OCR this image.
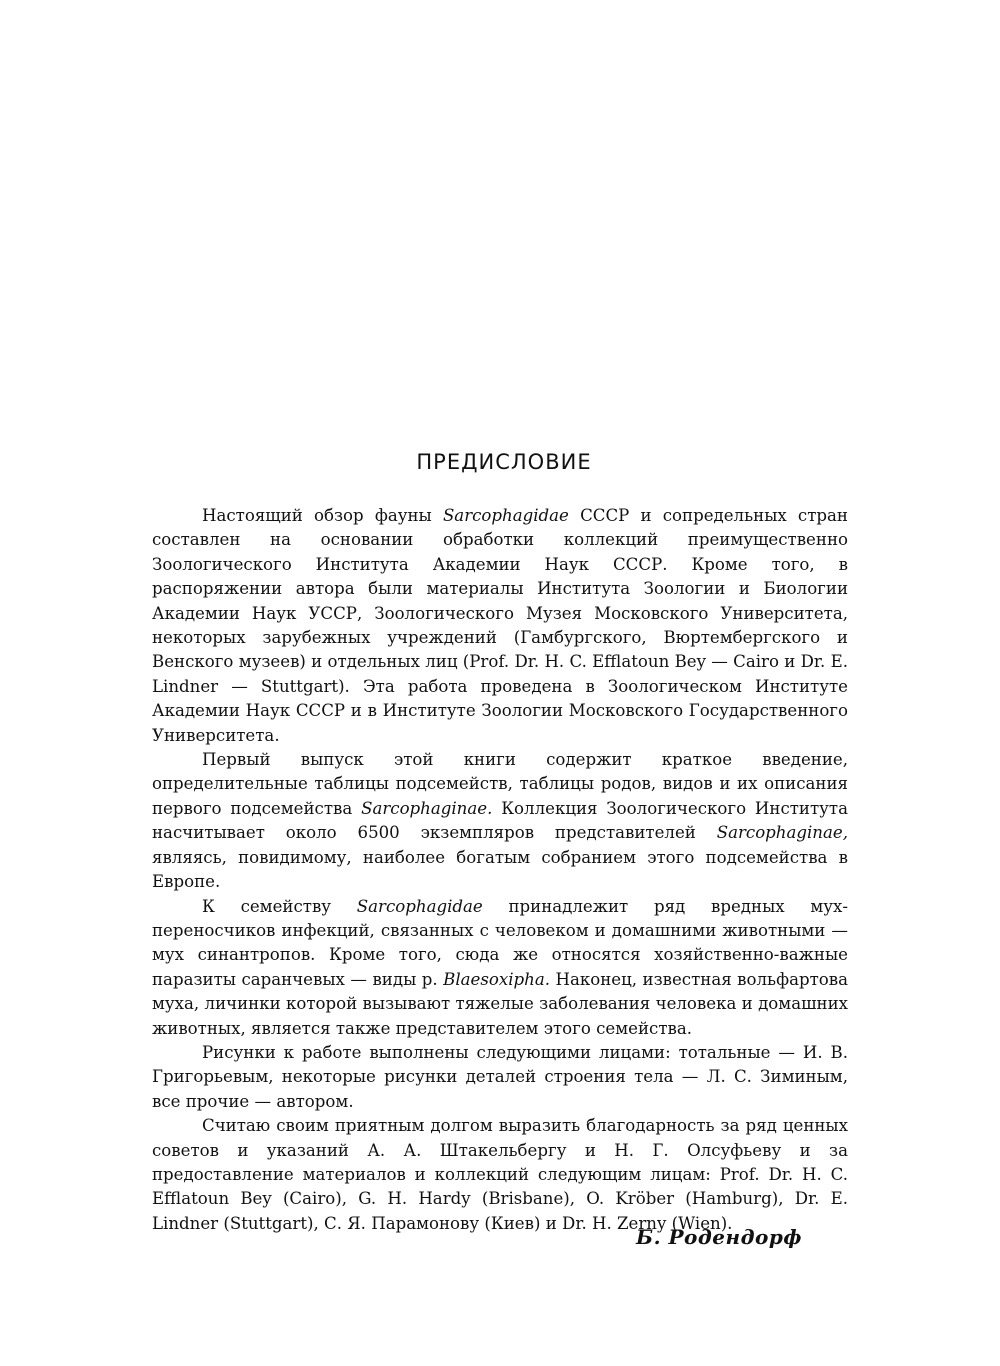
ПРЕДИСЛОВИЕ

Настоящий обзор фауны Sarcophagidae СССР и сопредельных стран составлен на основании обработки коллекций преимущественно Зоологического Института Академии Наук СССР. Кроме того, в распоряжении автора были материалы Института Зоологии и Биологии Академии Наук УССР, Зоологического Музея Московского Университета, некоторых зарубежных учреждений (Гамбургского, Вюртембергского и Венского музеев) и отдельных лиц (Prof. Dr. H. C. Efflatoun Bey — Cairo и Dr. E. Lindner — Stuttgart). Эта работа проведена в Зоологическом Институте Академии Наук СССР и в Институте Зоологии Московского Государственного Университета.

Первый выпуск этой книги содержит краткое введение, определительные таблицы подсемейств, таблицы родов, видов и их описания первого подсемейства Sarcophaginae. Коллекция Зоологического Института насчитывает около 6500 экземпляров представителей Sarcophaginae, являясь, повидимому, наиболее богатым собранием этого подсемейства в Европе.

К семейству Sarcophagidae принадлежит ряд вредных мух-переносчиков инфекций, связанных с человеком и домашними животными — мух синантропов. Кроме того, сюда же относятся хозяйственно-важные паразиты саранчевых — виды р. Blaesoxipha. Наконец, известная вольфартова муха, личинки которой вызывают тяжелые заболевания человека и домашних животных, является также представителем этого семейства.

Рисунки к работе выполнены следующими лицами: тотальные — И. В. Григорьевым, некоторые рисунки деталей строения тела — Л. С. Зиминым, все прочие — автором.

Считаю своим приятным долгом выразить благодарность за ряд ценных советов и указаний А. А. Штакельбергу и Н. Г. Олсуфьеву и за предоставление материалов и коллекций следующим лицам: Prof. Dr. H. C. Efflatoun Bey (Cairo), G. H. Hardy (Brisbane), O. Kröber (Hamburg), Dr. E. Lindner (Stuttgart), С. Я. Парамонову (Киев) и Dr. H. Zerny (Wien).

Б. Родендорф
